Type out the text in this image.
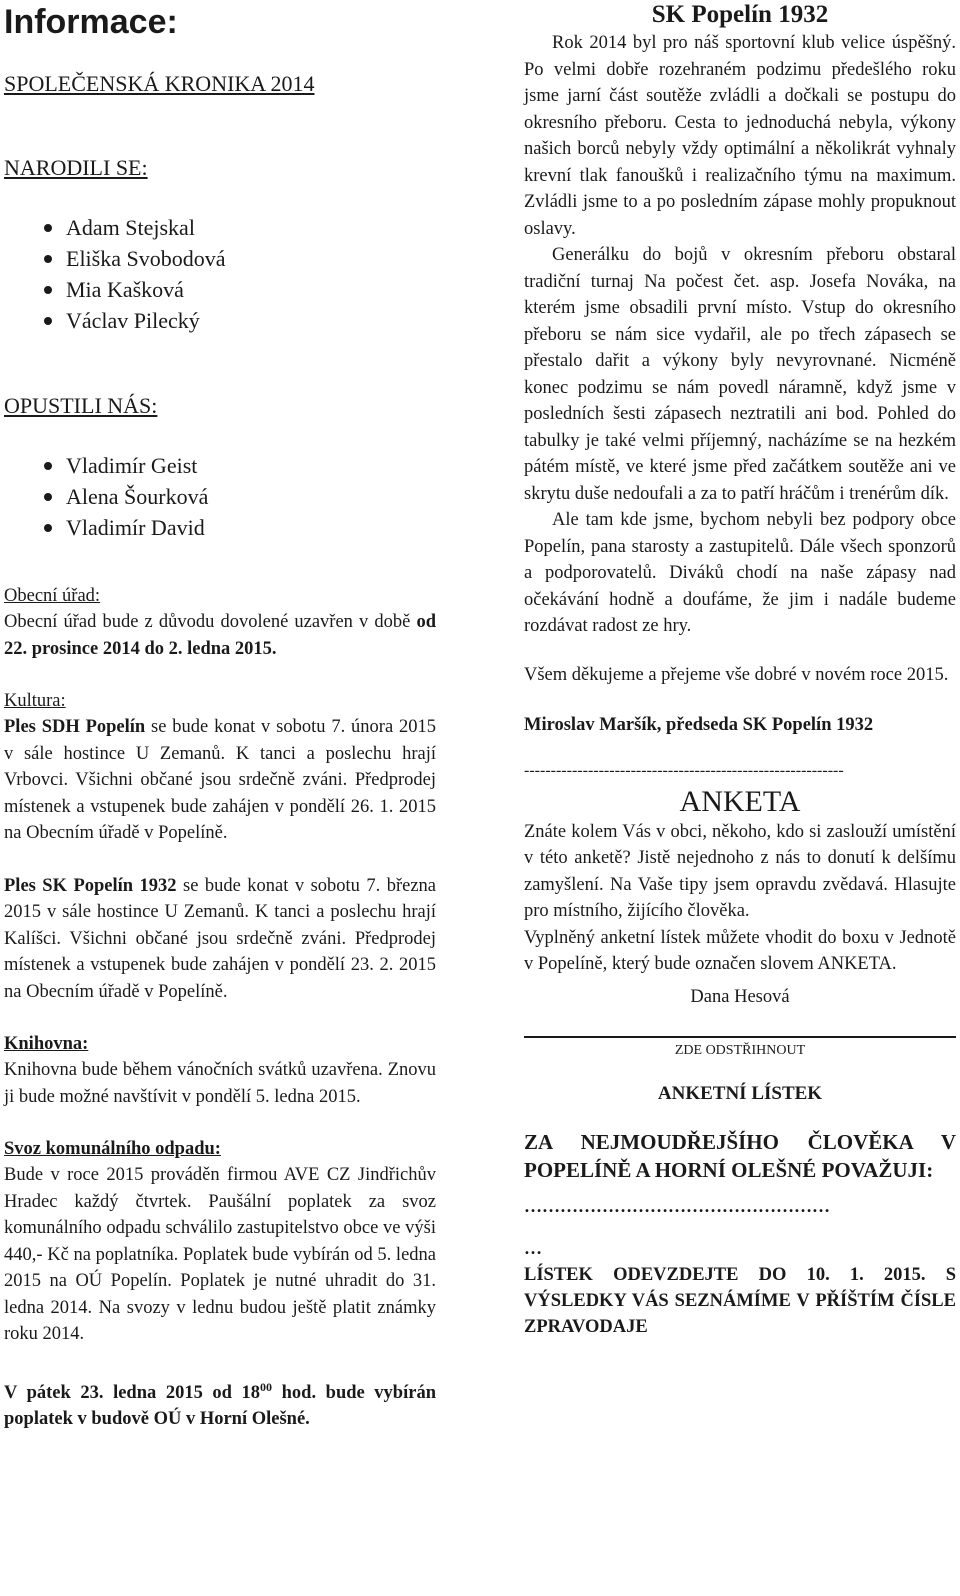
Informace:
SPOLEČENSKÁ KRONIKA 2014
NARODILI SE:
Adam Stejskal
Eliška Svobodová
Mia Kašková
Václav Pilecký
OPUSTILI NÁS:
Vladimír Geist
Alena Šourková
Vladimír David
Obecní úřad:

Obecní úřad bude z důvodu dovolené uzavřen v době od 22. prosince 2014 do 2. ledna 2015.

Kultura:

Ples SDH Popelín se bude konat v sobotu 7. února 2015 v sále hostince U Zemanů. K tanci a poslechu hrají Vrbovci. Všichni občané jsou srdečně zváni. Předprodej místenek a vstupenek bude zahájen v pondělí 26. 1. 2015 na Obecním úřadě v Popelíně.

Ples SK Popelín 1932 se bude konat v sobotu 7. března 2015 v sále hostince U Zemanů. K tanci a poslechu hrají Kalíšci. Všichni občané jsou srdečně zváni. Předprodej místenek a vstupenek bude zahájen v pondělí 23. 2. 2015 na Obecním úřadě v Popelíně.

Knihovna:

Knihovna bude během vánočních svátků uzavřena. Znovu ji bude možné navštívit v pondělí 5. ledna 2015.

Svoz komunálního odpadu:

Bude v roce 2015 prováděn firmou AVE CZ Jindřichův Hradec každý čtvrtek. Paušální poplatek za svoz komunálního odpadu schválilo zastupitelstvo obce ve výši 440,- Kč na poplatníka. Poplatek bude vybírán od 5. ledna 2015 na OÚ Popelín. Poplatek je nutné uhradit do 31. ledna 2014. Na svozy v lednu budou ještě platit známky roku 2014.

V pátek 23. ledna 2015 od $18^{00}$ hod. bude vybírán poplatek v budově OÚ v Horní Olešné.

SK Popelín 1932

Rok 2014 byl pro náš sportovní klub velice úspěšný. Po velmi dobře rozehraném podzimu předešlého roku jsme jarní část soutěže zvládli a dočkali se postupu do okresního přeboru. Cesta to jednoduchá nebyla, výkony našich borců nebyly vždy optimální a několikrát vyhnaly krevní tlak fanoušků i realizačního týmu na maximum. Zvládli jsme to a po posledním zápase mohly propuknout oslavy.

Generálku do bojů v okresním přeboru obstaral tradiční turnaj Na počest čet. asp. Josefa Nováka, na kterém jsme obsadili první místo. Vstup do okresního přeboru se nám sice vydařil, ale po třech zápasech se přestalo dařit a výkony byly nevyrovnané. Nicméně konec podzimu se nám povedl náramně, když jsme v posledních šesti zápasech neztratili ani bod. Pohled do tabulky je také velmi příjemný, nacházíme se na hezkém pátém místě, ve které jsme před začátkem soutěže ani ve skrytu duše nedoufali a za to patří hráčům i trenérům dík.

Ale tam kde jsme, bychom nebyli bez podpory obce Popelín, pana starosty a zastupitelů. Dále všech sponzorů a podporovatelů. Diváků chodí na naše zápasy nad očekávání hodně a doufáme, že jim i nadále budeme rozdávat radost ze hry.

Všem děkujeme a přejeme vše dobré v novém roce 2015.

Miroslav Maršík, předseda SK Popelín 1932

------------------------------------------------------------
ANKETA

Znáte kolem Vás v obci, někoho, kdo si zaslouží umístění v této anketě? Jistě nejednoho z nás to donutí k delšímu zamyšlení. Na Vaše tipy jsem opravdu zvědavá. Hlasujte pro místního, žijícího člověka.

Vyplněný anketní lístek můžete vhodit do boxu v Jednotě v Popelíně, který bude označen slovem ANKETA.

Dana Hesová
ZDE ODSTŘIHNOUT
ANKETNÍ LÍSTEK

ZA NEJMOUDŘEJŠÍHO ČLOVĚKA V POPELÍNĚ A HORNÍ OLEŠNÉ POVAŽUJI:

……………………………………………
…

LÍSTEK ODEVZDEJTE DO 10. 1. 2015. S VÝSLEDKY VÁS SEZNÁMÍME V PŘÍŠTÍM ČÍSLE ZPRAVODAJE
